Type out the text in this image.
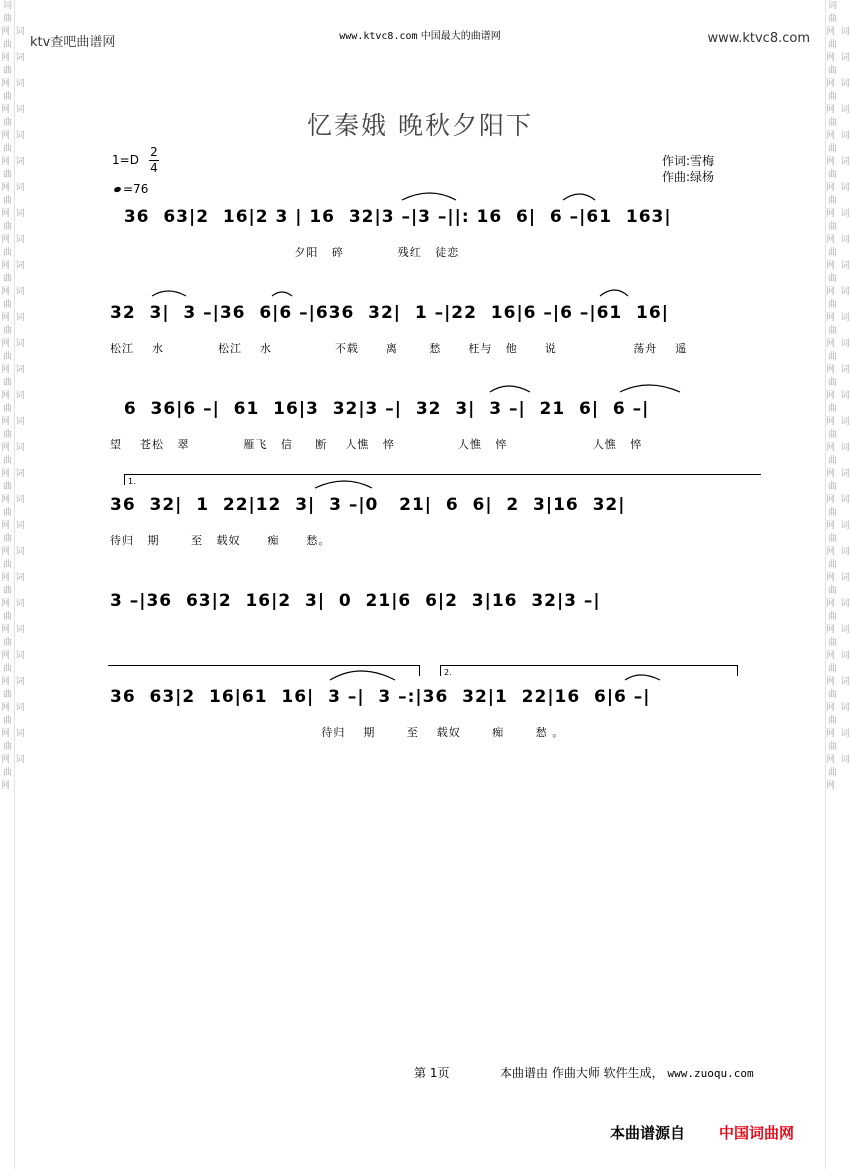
词曲网  词曲网  词曲网  词曲网  词曲网  词曲网  词曲网  词曲网  词曲网  词曲网  词曲网  词曲网  词曲网  词曲网  词曲网  词曲网  词曲网  词曲网  词曲网  词曲网  词曲网  词曲网  词曲网  词曲网  词曲网  词曲网  词曲网  词曲网  词曲网  词曲网
词曲网  词曲网  词曲网  词曲网  词曲网  词曲网  词曲网  词曲网  词曲网  词曲网  词曲网  词曲网  词曲网  词曲网  词曲网  词曲网  词曲网  词曲网  词曲网  词曲网  词曲网  词曲网  词曲网  词曲网  词曲网  词曲网  词曲网  词曲网  词曲网  词曲网
ktv查吧曲谱网	www.ktvc8.com 中国最大的曲谱网	www.ktvc8.com
忆秦娥 晚秋夕阳下
1=D
2
4
=76
作词:雪梅
作曲:绿杨
36  63|2  16|2 3 | 16  32|3 –|3 –||: 16  6|  6 –|61  163|
夕阳   碎            残红   徒恋
32  3|  3 –|36  6|6 –|636  32|  1 –|22  16|6 –|6 –|61  16|
松江    水            松江    水              不载      离       愁      枉与   他      说                 荡舟    遥
6  36|6 –|  61  16|3  32|3 –|  32  3|  3 –|  21  6|  6 –|
望    苍松   翠            雁飞   信     断    人憔   悴              人憔   悴                   人憔   悴
1.
36  32|  1  22|12  3|  3 –|0   21|  6  6|  2  3|16  32|
待归   期       至   载奴      痴      愁。
3 –|36  63|2  16|2  3|  0  21|6  6|2  3|16  32|3 –|
2.
36  63|2  16|61  16|  3 –|  3 –:|36  32|1  22|16  6|6 –|
待归    期       至    载奴       痴       愁 。
第 1页	本曲谱由 作曲大师 软件生成， www.zuoqu.com
本曲谱源自 中国词曲网
